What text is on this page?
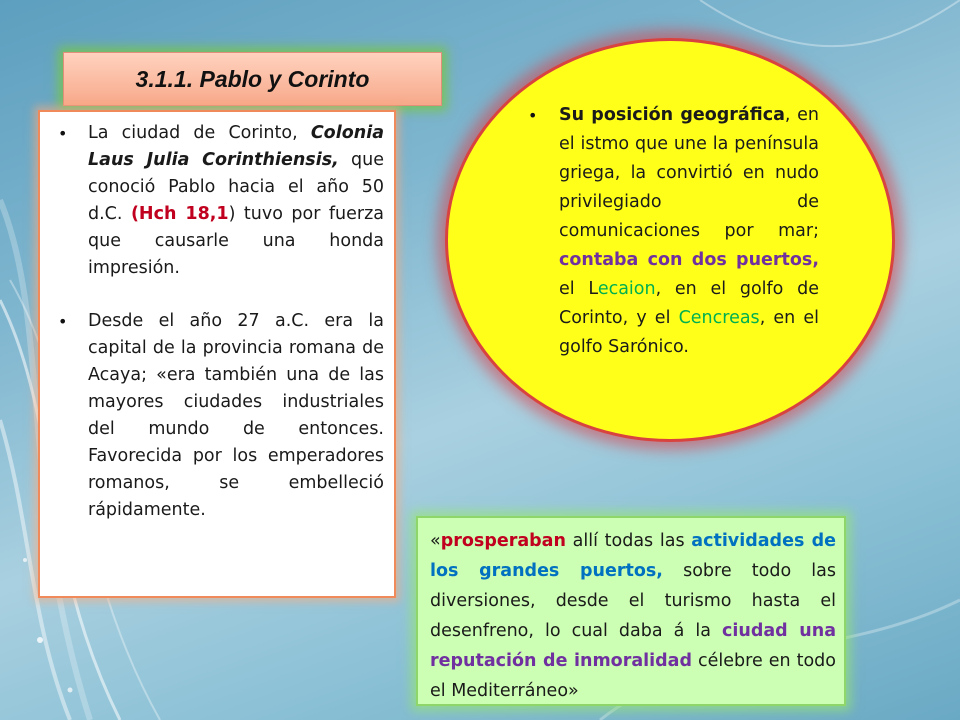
3.1.1. Pablo y Corinto

• La ciudad de Corinto, Colonia Laus Julia Corinthiensis, que conoció Pablo hacia el año 50 d.C. (Hch 18,1) tuvo por fuerza que causarle una honda impresión.

• Desde el año 27 a.C. era la capital de la provincia romana de Acaya; «era también una de las mayores ciudades industriales del mundo de entonces. Favorecida por los emperadores romanos, se embelleció rápidamente.

• Su posición geográfica, en el istmo que une la península griega, la convirtió en nudo privilegiado de comunicaciones por mar; contaba con dos puertos, el Lecaion, en el golfo de Corinto, y el Cencreas, en el golfo Sarónico.
«prosperaban allí todas las actividades de los grandes puertos, sobre todo las diversiones, desde el turismo hasta el desenfreno, lo cual daba á la ciudad una reputación de inmoralidad célebre en todo el Mediterráneo»
